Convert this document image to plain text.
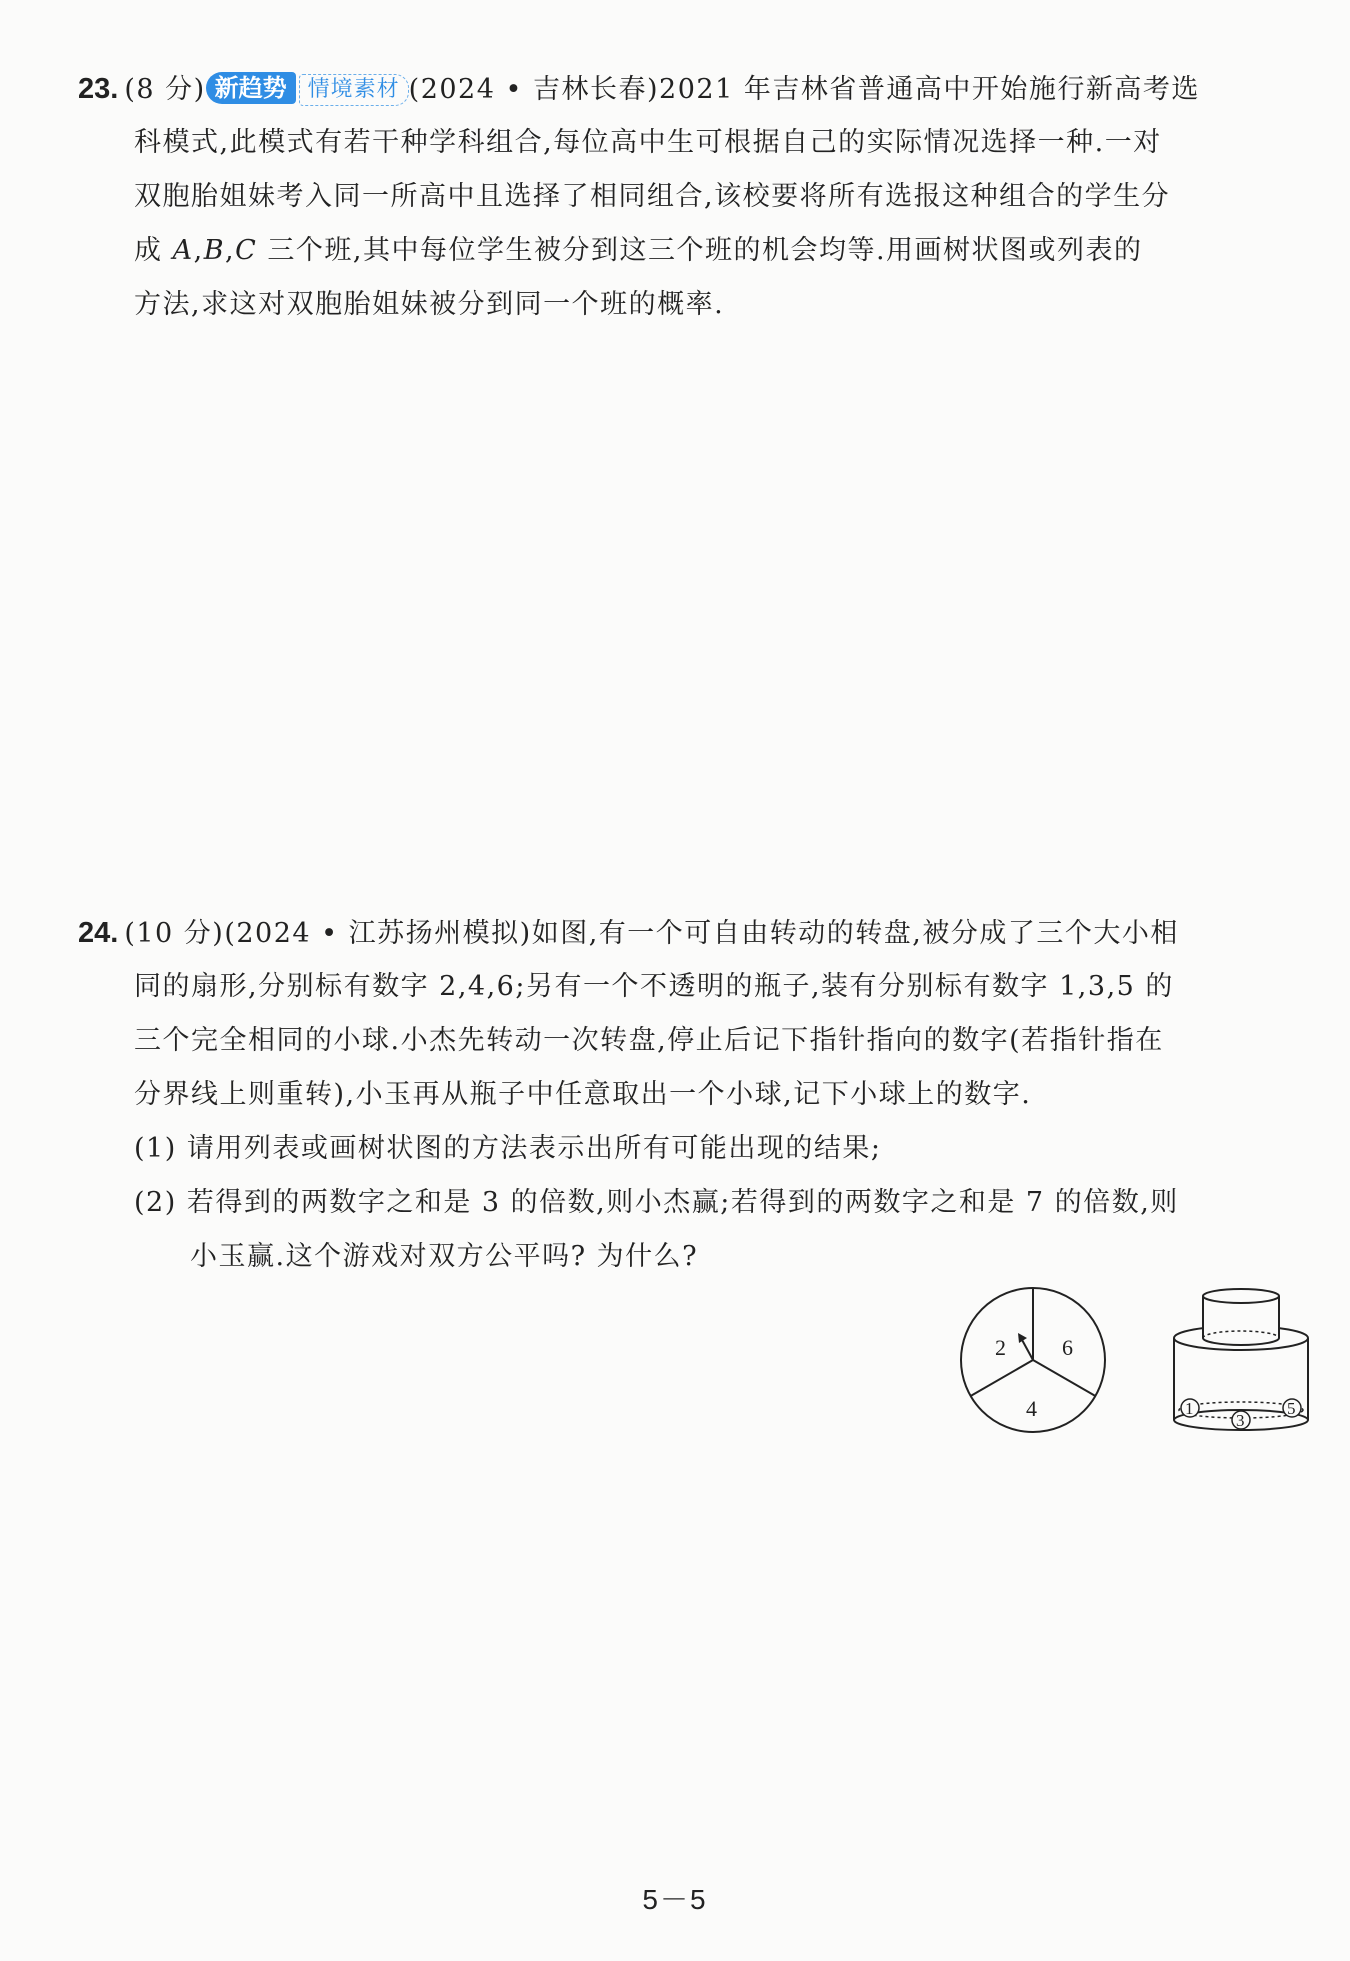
23. (8 分) 新趋势 情境素材 (2024 • 吉林长春)2021 年吉林省普通高中开始施行新高考选
科模式,此模式有若干种学科组合,每位高中生可根据自己的实际情况选择一种.一对
双胞胎姐妹考入同一所高中且选择了相同组合,该校要将所有选报这种组合的学生分
成 A,B,C 三个班,其中每位学生被分到这三个班的机会均等.用画树状图或列表的
方法,求这对双胞胎姐妹被分到同一个班的概率.
24. (10 分)(2024 • 江苏扬州模拟)如图,有一个可自由转动的转盘,被分成了三个大小相
同的扇形,分别标有数字 2,4,6;另有一个不透明的瓶子,装有分别标有数字 1,3,5 的
三个完全相同的小球.小杰先转动一次转盘,停止后记下指针指向的数字(若指针指在
分界线上则重转),小玉再从瓶子中任意取出一个小球,记下小球上的数字.
(1) 请用列表或画树状图的方法表示出所有可能出现的结果;
(2) 若得到的两数字之和是 3 的倍数,则小杰赢;若得到的两数字之和是 7 的倍数,则
小玉赢.这个游戏对双方公平吗? 为什么?
2	6
4	1
3
5
5－5
